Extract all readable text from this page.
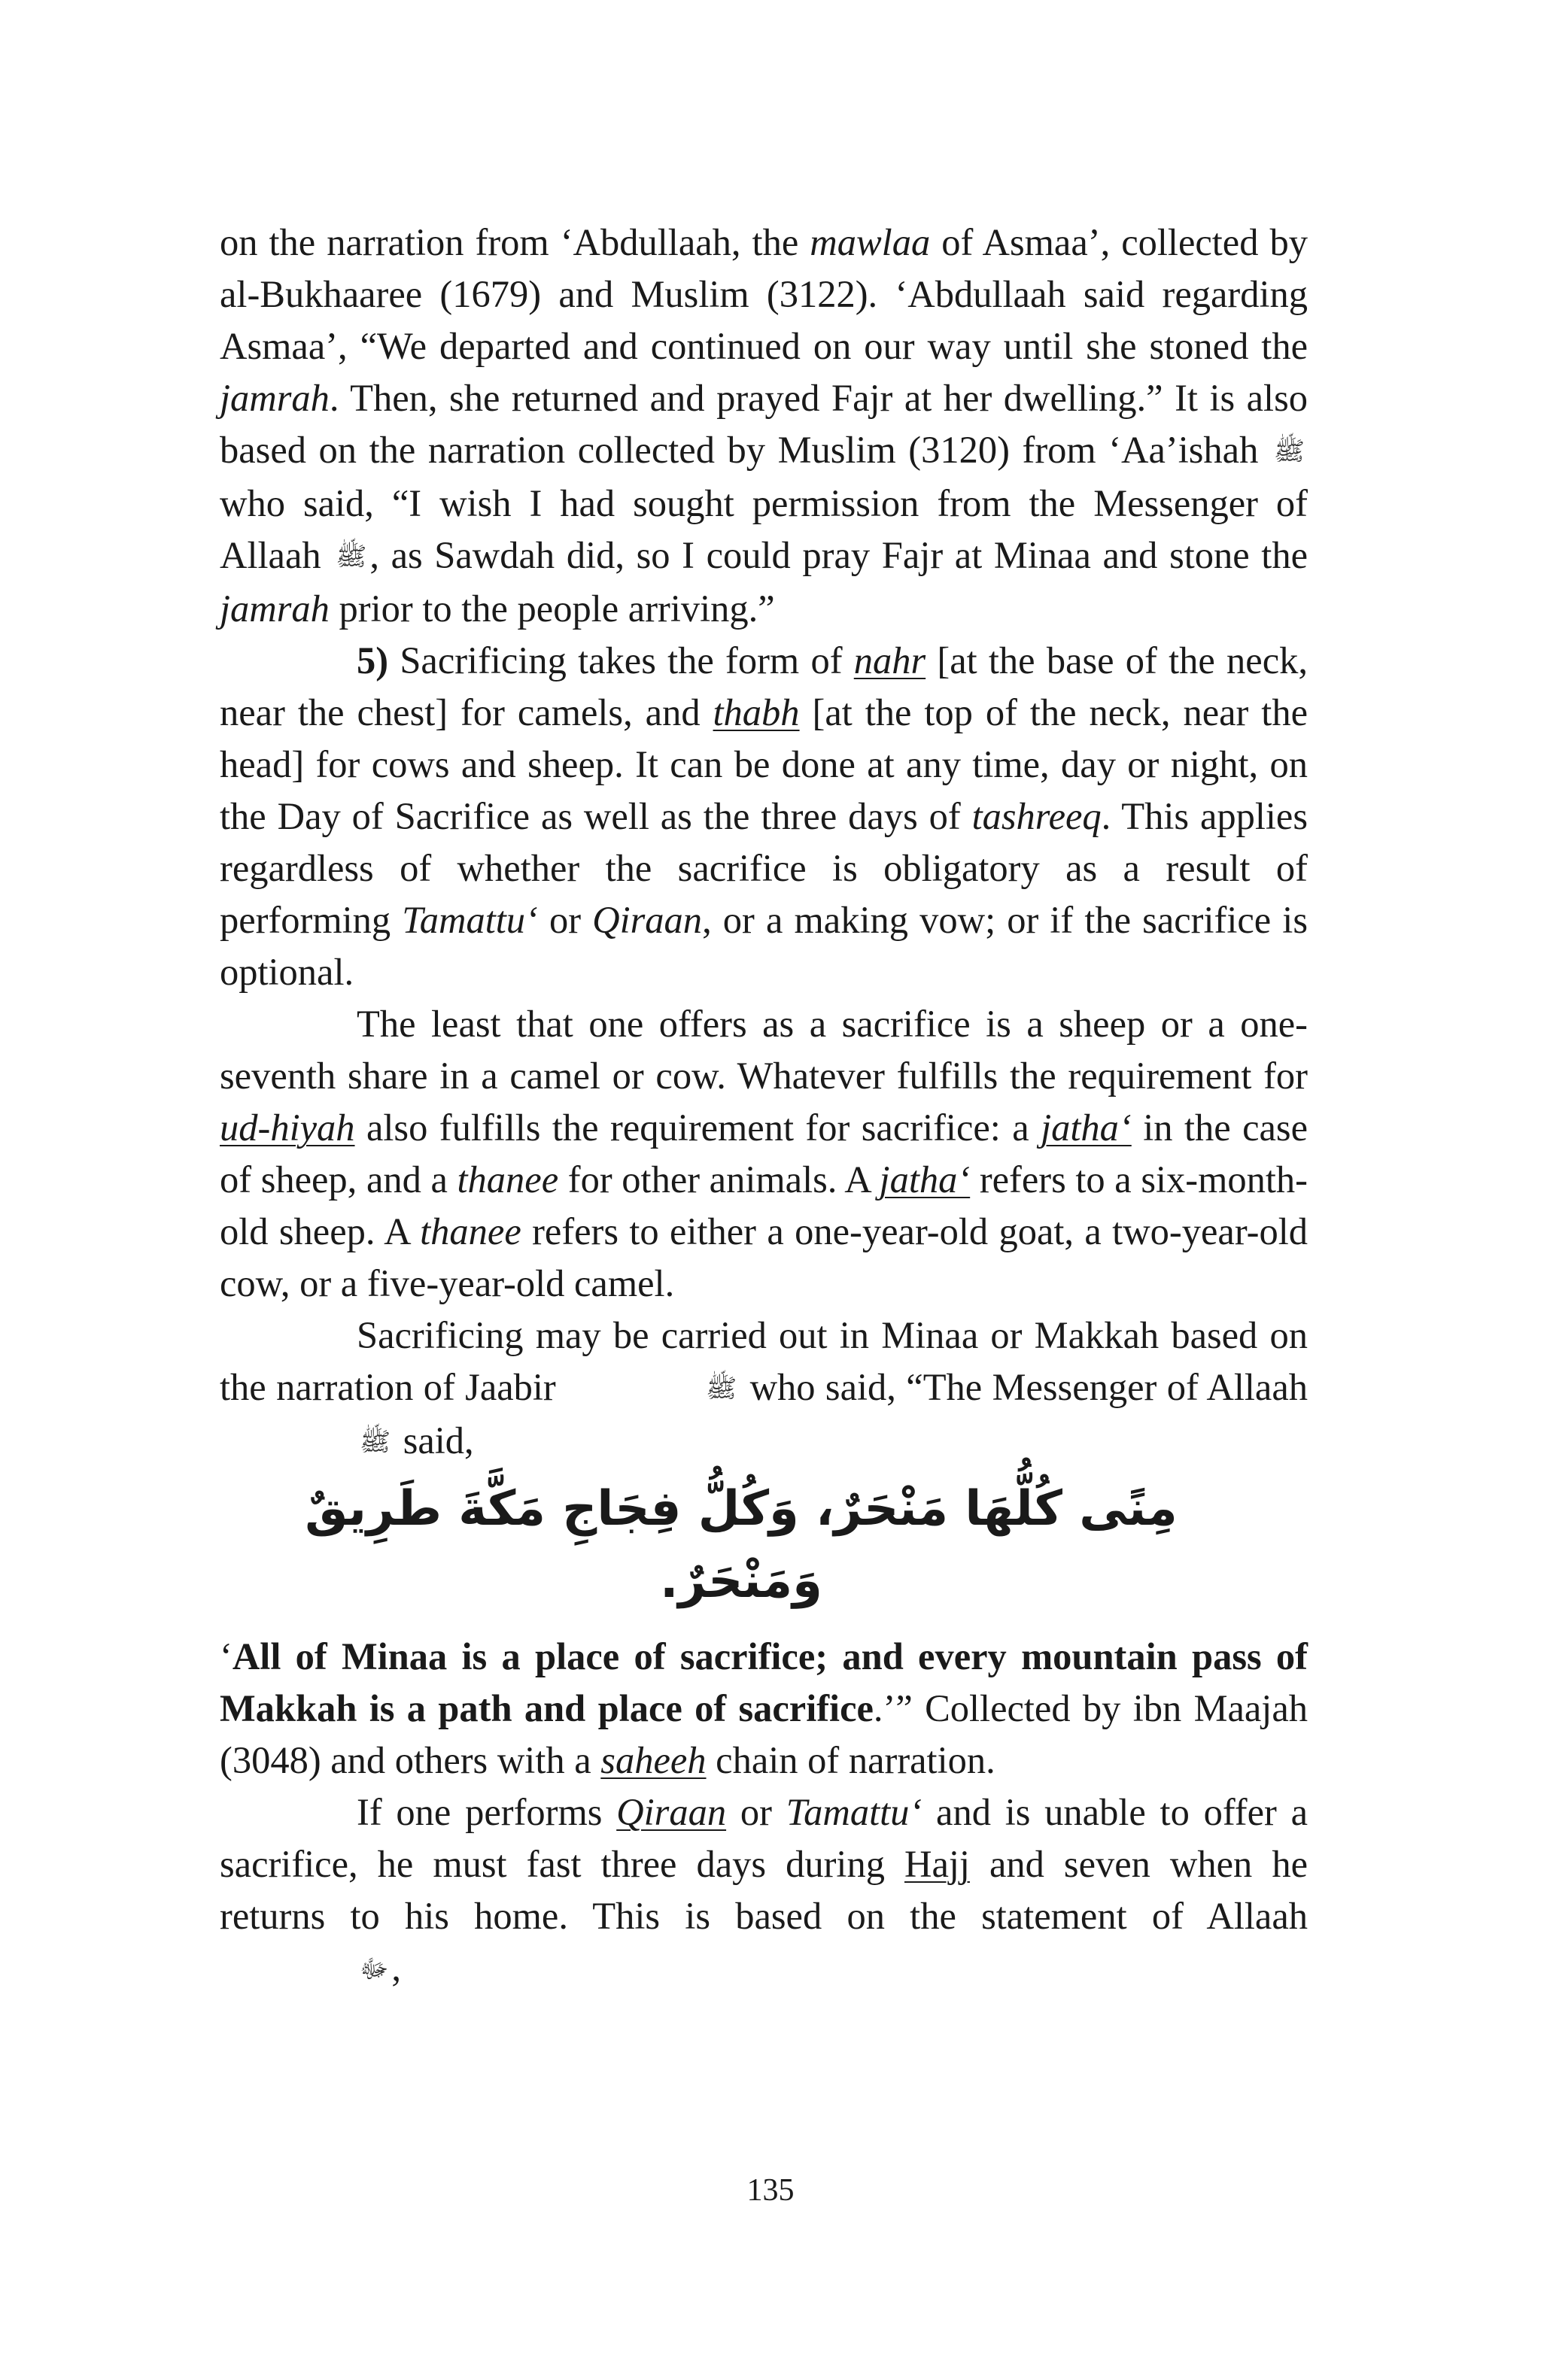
on the narration from ‘Abdullaah, the mawlaa of Asmaa’, collected by al-Bukhaaree (1679) and Muslim (3122). ‘Abdullaah said regarding Asmaa’, “We departed and continued on our way until she stoned the jamrah. Then, she returned and prayed Fajr at her dwelling.” It is also based on the narration collected by Muslim (3120) from ‘Aa’ishah ﷺ who said, “I wish I had sought permission from the Messenger of Allaah ﷺ, as Sawdah did, so I could pray Fajr at Minaa and stone the jamrah prior to the people arriving.”

5) Sacrificing takes the form of nahr [at the base of the neck, near the chest] for camels, and thabh [at the top of the neck, near the head] for cows and sheep. It can be done at any time, day or night, on the Day of Sacrifice as well as the three days of tashreeq. This applies regardless of whether the sacrifice is obligatory as a result of performing Tamattu‘ or Qiraan, or a making vow; or if the sacrifice is optional.

The least that one offers as a sacrifice is a sheep or a one-seventh share in a camel or cow. Whatever fulfills the requirement for ud-hiyah also fulfills the requirement for sacrifice: a jatha‘ in the case of sheep, and a thanee for other animals. A jatha‘ refers to a six-month-old sheep. A thanee refers to either a one-year-old goat, a two-year-old cow, or a five-year-old camel.

Sacrificing may be carried out in Minaa or Makkah based on the narration of Jaabir	ﷺ who said, “The Messenger of Allaah ﷺ said,

مِنًى كُلُّهَا مَنْحَرٌ، وَكُلُّ فِجَاجِ مَكَّةَ طَرِيقٌ وَمَنْحَرٌ.

‘All of Minaa is a place of sacrifice; and every mountain pass of Makkah is a path and place of sacrifice.’” Collected by ibn Maajah (3048) and others with a saheeh chain of narration.

If one performs Qiraan or Tamattu‘ and is unable to offer a sacrifice, he must fast three days during Hajj and seven when he returns to his home. This is based on the statement of Allaah ﷻ,

135
